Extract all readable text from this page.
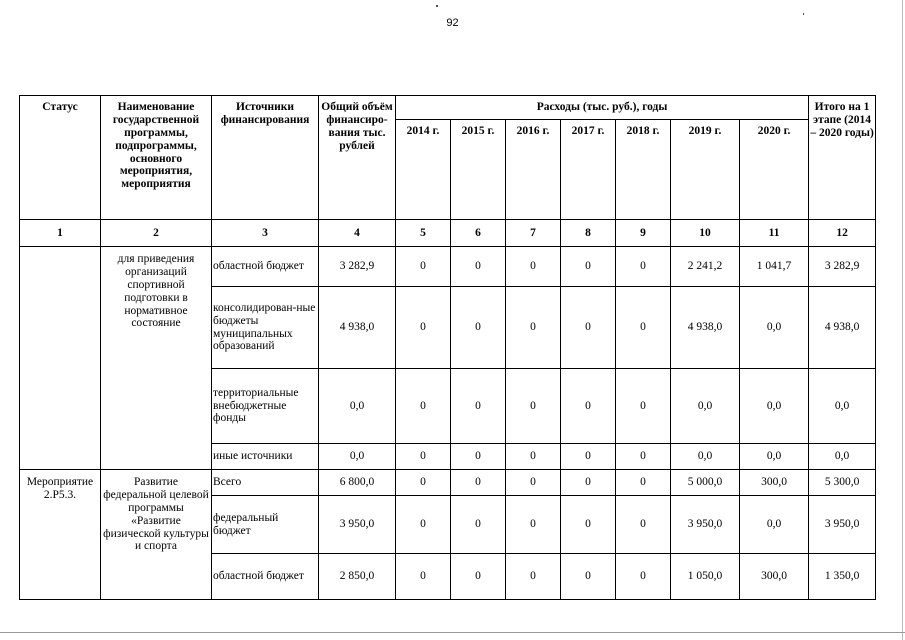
92
Статус	Наименование государственной программы, подпрограммы, основного мероприятия, мероприятия	Источники финансирования	Общий объём финансиро-вания тыс. рублей	Расходы (тыс. руб.), годы							Итого на 1 этапе (2014 – 2020 годы)
				2014 г.	2015 г.	2016 г.	2017 г.	2018 г.	2019 г.	2020 г.	
1	2	3	4	5	6	7	8	9	10	11	12
	для приведения организаций спортивной подготовки в нормативное состояние	областной бюджет	3 282,9	0	0	0	0	0	2 241,2	1 041,7	3 282,9
		консолидирован-ные бюджеты муниципальных образований	4 938,0	0	0	0	0	0	4 938,0	0,0	4 938,0
		территориальные внебюджетные фонды	0,0	0	0	0	0	0	0,0	0,0	0,0
		иные источники	0,0	0	0	0	0	0	0,0	0,0	0,0
Мероприятие 2.Р5.3.	Развитие федеральной целевой программы «Развитие физической культуры и спорта	Всего	6 800,0	0	0	0	0	0	5 000,0	300,0	5 300,0
		федеральный бюджет	3 950,0	0	0	0	0	0	3 950,0	0,0	3 950,0
		областной бюджет	2 850,0	0	0	0	0	0	1 050,0	300,0	1 350,0
